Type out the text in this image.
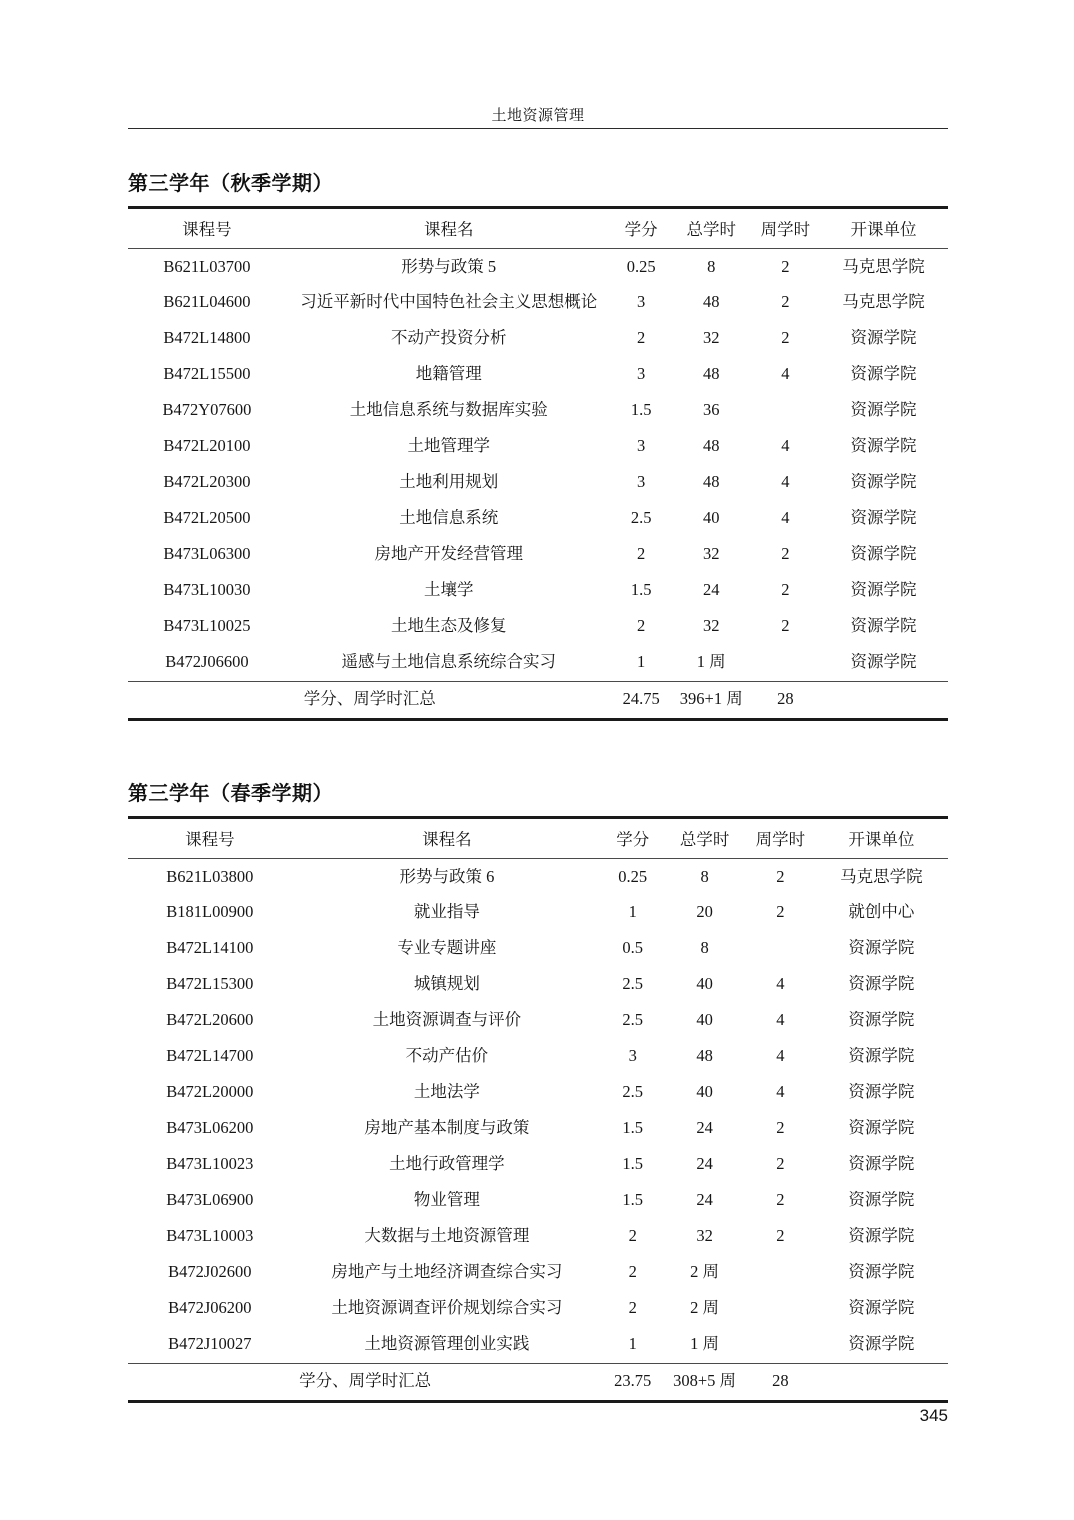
土地资源管理
第三学年（秋季学期）

课程号	课程名	学分	总学时	周学时	开课单位
B621L03700	形势与政策 5	0.25	8	2	马克思学院
B621L04600	习近平新时代中国特色社会主义思想概论	3	48	2	马克思学院
B472L14800	不动产投资分析	2	32	2	资源学院
B472L15500	地籍管理	3	48	4	资源学院
B472Y07600	土地信息系统与数据库实验	1.5	36		资源学院
B472L20100	土地管理学	3	48	4	资源学院
B472L20300	土地利用规划	3	48	4	资源学院
B472L20500	土地信息系统	2.5	40	4	资源学院
B473L06300	房地产开发经营管理	2	32	2	资源学院
B473L10030	土壤学	1.5	24	2	资源学院
B473L10025	土地生态及修复	2	32	2	资源学院
B472J06600	遥感与土地信息系统综合实习	1	1 周		资源学院
学分、周学时汇总		24.75	396+1 周	28	

第三学年（春季学期）

课程号	课程名	学分	总学时	周学时	开课单位
B621L03800	形势与政策 6	0.25	8	2	马克思学院
B181L00900	就业指导	1	20	2	就创中心
B472L14100	专业专题讲座	0.5	8		资源学院
B472L15300	城镇规划	2.5	40	4	资源学院
B472L20600	土地资源调查与评价	2.5	40	4	资源学院
B472L14700	不动产估价	3	48	4	资源学院
B472L20000	土地法学	2.5	40	4	资源学院
B473L06200	房地产基本制度与政策	1.5	24	2	资源学院
B473L10023	土地行政管理学	1.5	24	2	资源学院
B473L06900	物业管理	1.5	24	2	资源学院
B473L10003	大数据与土地资源管理	2	32	2	资源学院
B472J02600	房地产与土地经济调查综合实习	2	2 周		资源学院
B472J06200	土地资源调查评价规划综合实习	2	2 周		资源学院
B472J10027	土地资源管理创业实践	1	1 周		资源学院
学分、周学时汇总		23.75	308+5 周	28	

345
